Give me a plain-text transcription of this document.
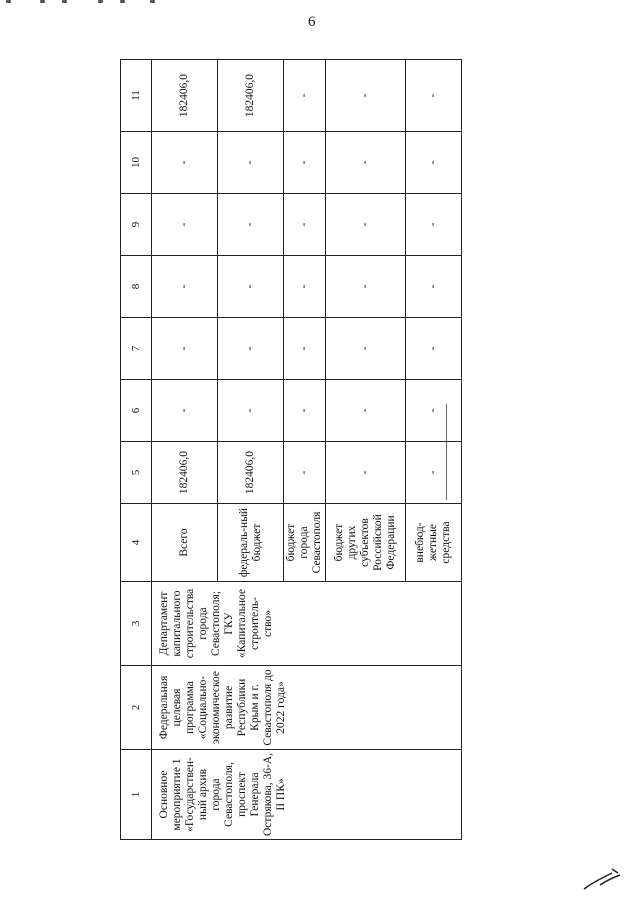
6
1	2	3	4	5	6	7	8	9	10	11
Основное мероприятие 1 «Государствен-ный архив города Севастополя, проспект Генерала Острякова, 36-А, II ПК»	Федеральная целевая программа «Социально-экономическое развитие Республики Крым и г. Севастополя до 2022 года»	Департамент капитального строительства города Севастополя; ГКУ «Капитальное строитель-ство»	Всего	182406,0	-	-	-	-	-	182406,0
			федераль-ный бюджет	182406,0	-	-	-	-	-	182406,0
			бюджет города Севастополя	-	-	-	-	-	-	-
			бюджет других субъектов Российской Федерации	-	-	-	-	-	-	-
			внебюд-жетные средства	-	-	-	-	-	-	-
